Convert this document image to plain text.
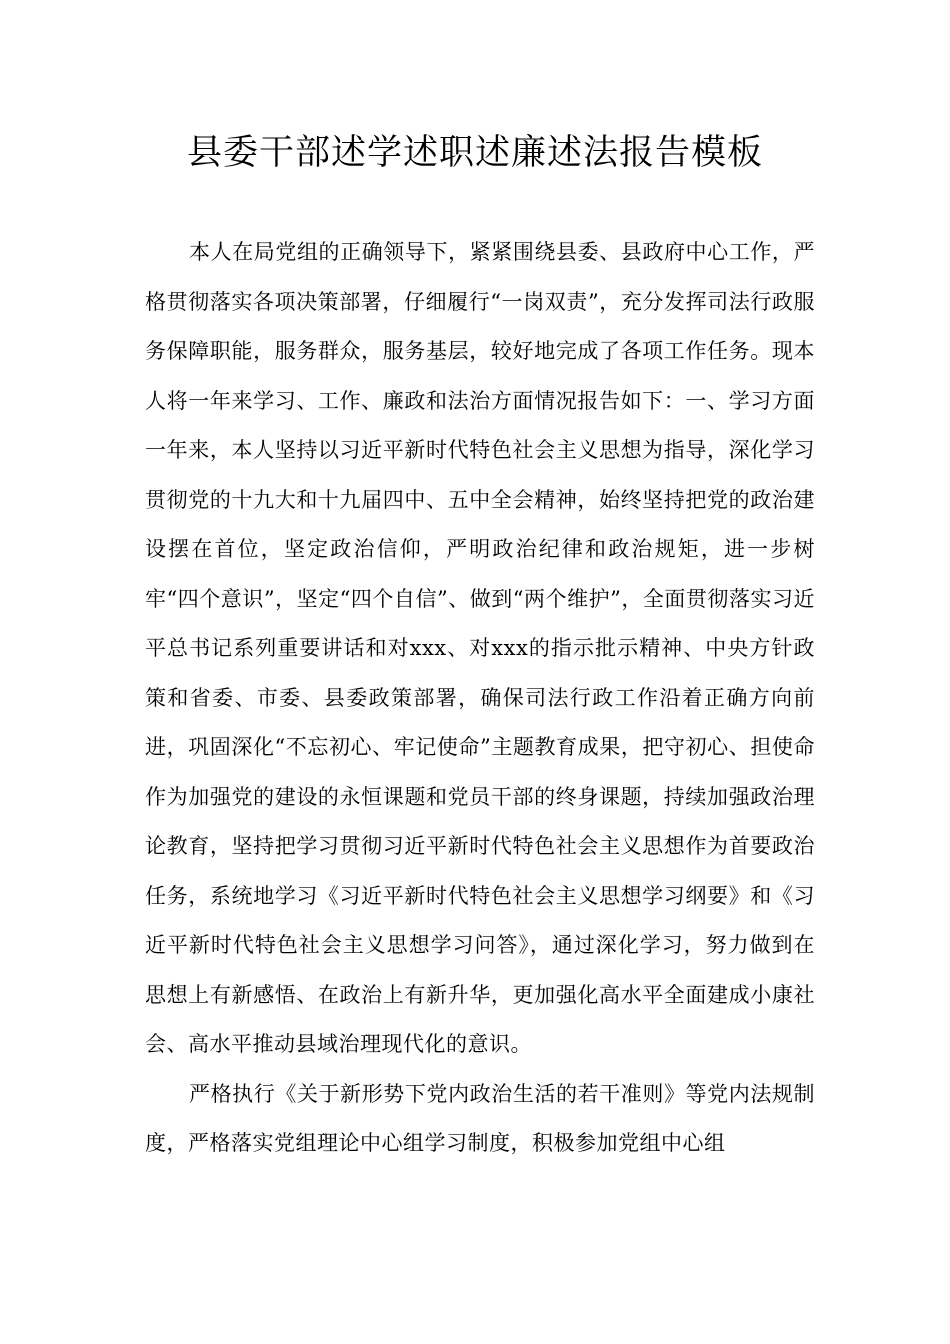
县委干部述学述职述廉述法报告模板

本人在局党组的正确领导下，紧紧围绕县委、县政府中心工作，严格贯彻落实各项决策部署，仔细履行“一岗双责”，充分发挥司法行政服务保障职能，服务群众，服务基层，较好地完成了各项工作任务。现本人将一年来学习、工作、廉政和法治方面情况报告如下：一、学习方面　　一年来，本人坚持以习近平新时代特色社会主义思想为指导，深化学习贯彻党的十九大和十九届四中、五中全会精神，始终坚持把党的政治建设摆在首位，坚定政治信仰，严明政治纪律和政治规矩，进一步树牢“四个意识”，坚定“四个自信”、做到“两个维护”，全面贯彻落实习近平总书记系列重要讲话和对xxx、对xxx的指示批示精神、中央方针政策和省委、市委、县委政策部署，确保司法行政工作沿着正确方向前进，巩固深化“不忘初心、牢记使命”主题教育成果，把守初心、担使命作为加强党的建设的永恒课题和党员干部的终身课题，持续加强政治理论教育，坚持把学习贯彻习近平新时代特色社会主义思想作为首要政治任务，系统地学习《习近平新时代特色社会主义思想学习纲要》和《习近平新时代特色社会主义思想学习问答》，通过深化学习，努力做到在思想上有新感悟、在政治上有新升华，更加强化高水平全面建成小康社会、高水平推动县域治理现代化的意识。

严格执行《关于新形势下党内政治生活的若干准则》等党内法规制度，严格落实党组理论中心组学习制度，积极参加党组中心组
